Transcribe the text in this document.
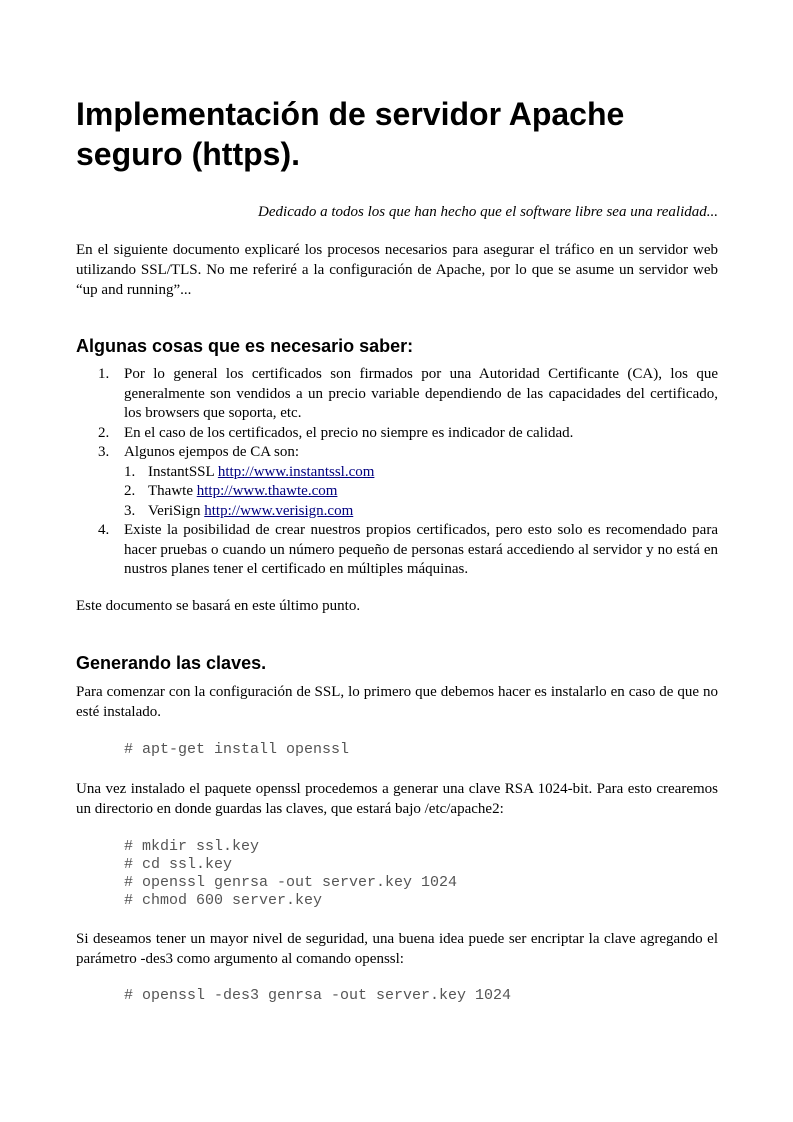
Implementación de servidor Apache seguro (https).

Dedicado a todos los que han hecho que el software libre sea una realidad...

En el siguiente documento explicaré los procesos necesarios para asegurar el tráfico en un servidor web utilizando SSL/TLS. No me referiré a la configuración de Apache, por lo que se asume un servidor web “up and running”...

Algunas cosas que es necesario saber:
1. Por lo general los certificados son firmados por una Autoridad Certificante (CA), los que generalmente son vendidos a un precio variable dependiendo de las capacidades del certificado, los browsers que soporta, etc.
2. En el caso de los certificados, el precio no siempre es indicador de calidad.
3. Algunos ejempos de CA son:
1. InstantSSL http://www.instantssl.com
2. Thawte http://www.thawte.com
3. VeriSign http://www.verisign.com
4. Existe la posibilidad de crear nuestros propios certificados, pero esto solo es recomendado para hacer pruebas o cuando un número pequeño de personas estará accediendo al servidor y no está en nustros planes tener el certificado en múltiples máquinas.

Este documento se basará en este último punto.

Generando las claves.

Para comenzar con la configuración de SSL, lo primero que debemos hacer es instalarlo en caso de que no esté instalado.

# apt-get install openssl

Una vez instalado el paquete openssl procedemos a generar una clave RSA 1024-bit. Para esto crearemos un directorio en donde guardas las claves, que estará bajo /etc/apache2:

# mkdir ssl.key
# cd ssl.key
# openssl genrsa -out server.key 1024
# chmod 600 server.key

Si deseamos tener un mayor nivel de seguridad, una buena idea puede ser encriptar la clave agregando el parámetro -des3 como argumento al comando openssl:

# openssl -des3 genrsa -out server.key 1024
